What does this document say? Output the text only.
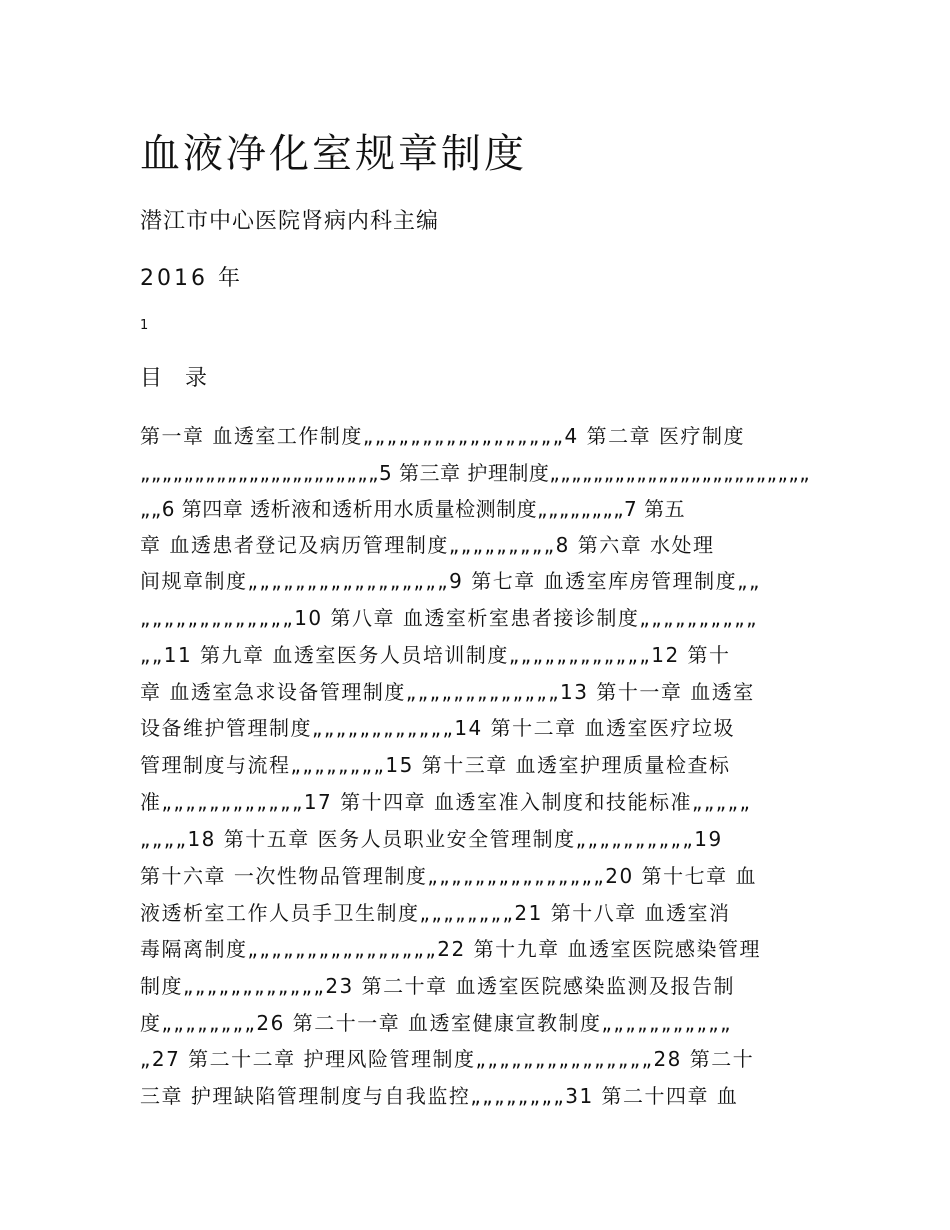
血液净化室规章制度
潜江市中心医院肾病内科主编
2016 年
1
目 录
第一章 血透室工作制度„„„„„„„„„„„„„„„„„4 第二章 医疗制度
„„„„„„„„„„„„„„„„„„„„„„5 第三章 护理制度„„„„„„„„„„„„„„„„„„„„„„„„
„„6 第四章 透析液和透析用水质量检测制度„„„„„„„„7 第五
章 血透患者登记及病历管理制度„„„„„„„„„8 第六章 水处理
间规章制度„„„„„„„„„„„„„„„„„9 第七章 血透室库房管理制度„„
„„„„„„„„„„„„„10 第八章 血透室析室患者接诊制度„„„„„„„„„„
„„11 第九章 血透室医务人员培训制度„„„„„„„„„„„„12 第十
章 血透室急求设备管理制度„„„„„„„„„„„„„13 第十一章 血透室
设备维护管理制度„„„„„„„„„„„„14 第十二章 血透室医疗垃圾
管理制度与流程„„„„„„„„15 第十三章 血透室护理质量检查标
准„„„„„„„„„„„„17 第十四章 血透室准入制度和技能标准„„„„„
„„„„18 第十五章 医务人员职业安全管理制度„„„„„„„„„„19
第十六章 一次性物品管理制度„„„„„„„„„„„„„„„20 第十七章 血
液透析室工作人员手卫生制度„„„„„„„„21 第十八章 血透室消
毒隔离制度„„„„„„„„„„„„„„„„22 第十九章 血透室医院感染管理
制度„„„„„„„„„„„„23 第二十章 血透室医院感染监测及报告制
度„„„„„„„„26 第二十一章 血透室健康宣教制度„„„„„„„„„„„
„27 第二十二章 护理风险管理制度„„„„„„„„„„„„„„„28 第二十
三章 护理缺陷管理制度与自我监控„„„„„„„„31 第二十四章 血
